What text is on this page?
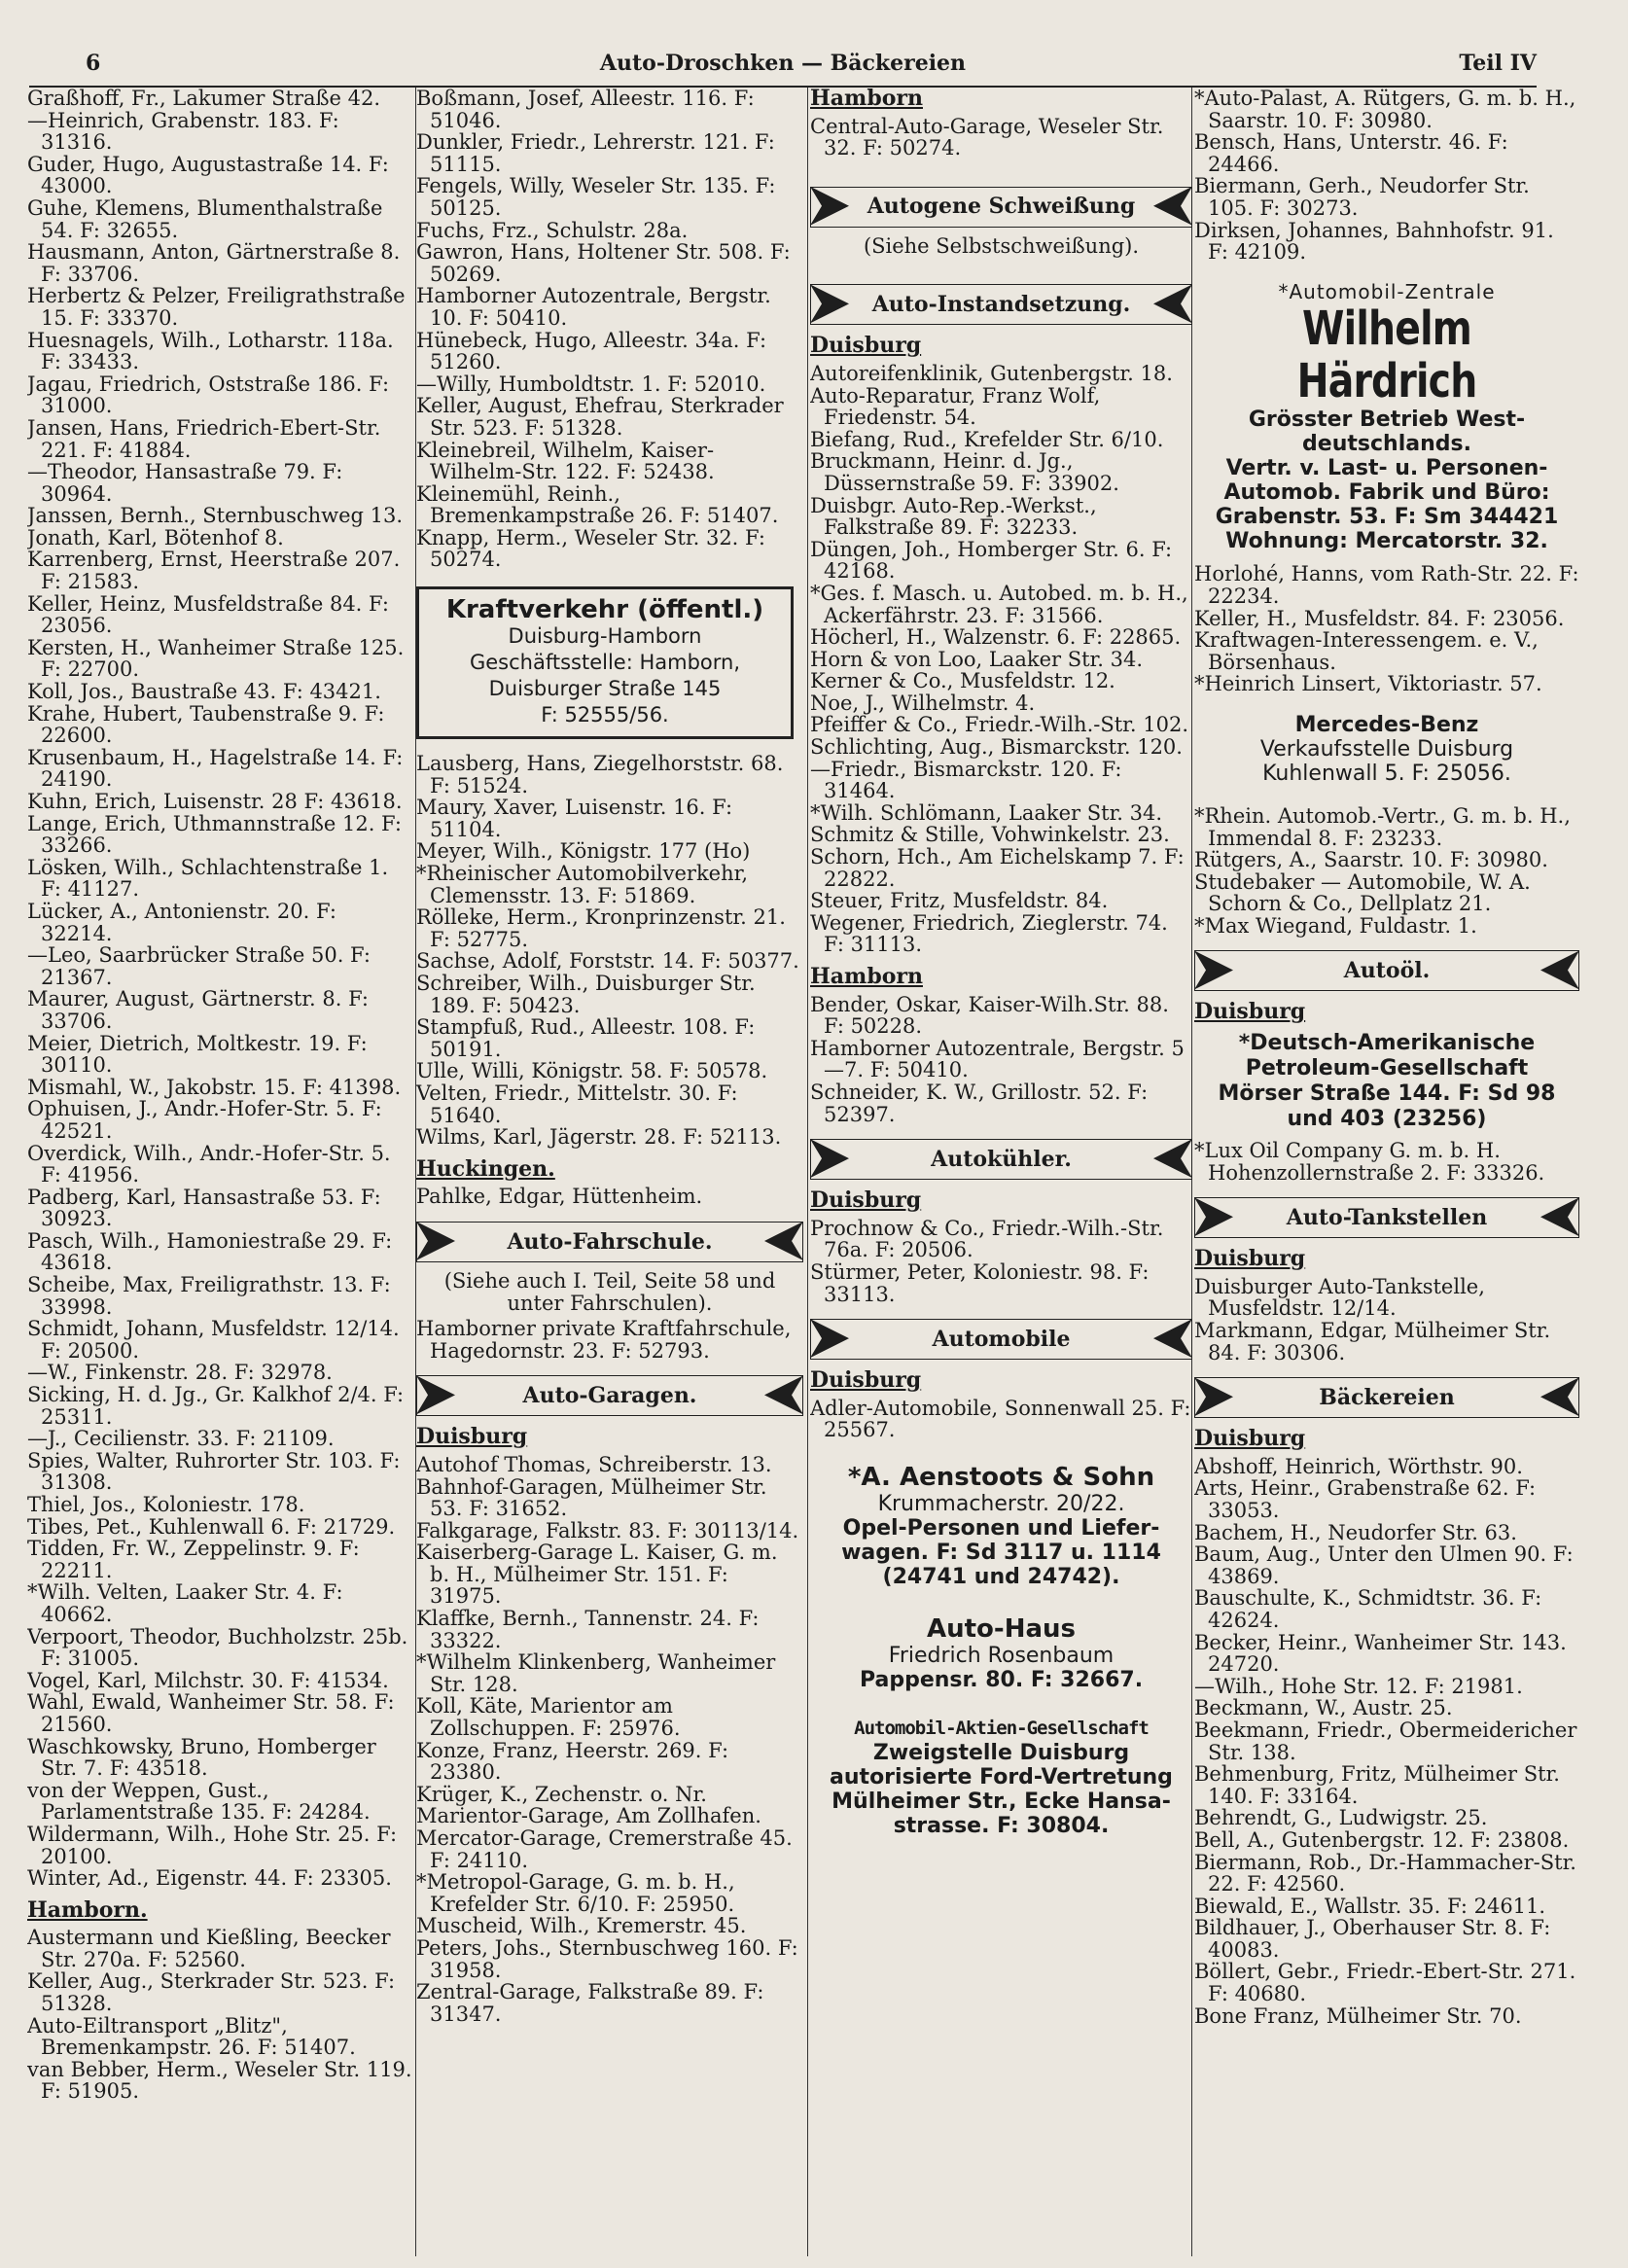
6	Auto-Droschken — Bäckereien	Teil IV

Graßhoff, Fr., Lakumer Straße 42.

—Heinrich, Grabenstr. 183. F: 31316.

Guder, Hugo, Augustastraße 14. F: 43000.

Guhe, Klemens, Blumenthalstraße 54. F: 32655.

Hausmann, Anton, Gärtnerstraße 8. F: 33706.

Herbertz & Pelzer, Freiligrathstraße 15. F: 33370.

Huesnagels, Wilh., Lotharstr. 118a. F: 33433.

Jagau, Friedrich, Oststraße 186. F: 31000.

Jansen, Hans, Friedrich-Ebert-Str. 221. F: 41884.

—Theodor, Hansastraße 79. F: 30964.

Janssen, Bernh., Sternbuschweg 13.

Jonath, Karl, Bötenhof 8.

Karrenberg, Ernst, Heerstraße 207. F: 21583.

Keller, Heinz, Musfeldstraße 84. F: 23056.

Kersten, H., Wanheimer Straße 125. F: 22700.

Koll, Jos., Baustraße 43. F: 43421.

Krahe, Hubert, Taubenstraße 9. F: 22600.

Krusenbaum, H., Hagelstraße 14. F: 24190.

Kuhn, Erich, Luisenstr. 28 F: 43618.

Lange, Erich, Uthmannstraße 12. F: 33266.

Lösken, Wilh., Schlachtenstraße 1. F: 41127.

Lücker, A., Antonienstr. 20. F: 32214.

—Leo, Saarbrücker Straße 50. F: 21367.

Maurer, August, Gärtnerstr. 8. F: 33706.

Meier, Dietrich, Moltkestr. 19. F: 30110.

Mismahl, W., Jakobstr. 15. F: 41398.

Ophuisen, J., Andr.-Hofer-Str. 5. F: 42521.

Overdick, Wilh., Andr.-Hofer-Str. 5. F: 41956.

Padberg, Karl, Hansastraße 53. F: 30923.

Pasch, Wilh., Hamoniestraße 29. F: 43618.

Scheibe, Max, Freiligrathstr. 13. F: 33998.

Schmidt, Johann, Musfeldstr. 12/14. F: 20500.

—W., Finkenstr. 28. F: 32978.

Sicking, H. d. Jg., Gr. Kalkhof 2/4. F: 25311.

—J., Cecilienstr. 33. F: 21109.

Spies, Walter, Ruhrorter Str. 103. F: 31308.

Thiel, Jos., Koloniestr. 178.

Tibes, Pet., Kuhlenwall 6. F: 21729.

Tidden, Fr. W., Zeppelinstr. 9. F: 22211.

*Wilh. Velten, Laaker Str. 4. F: 40662.

Verpoort, Theodor, Buchholzstr. 25b. F: 31005.

Vogel, Karl, Milchstr. 30. F: 41534.

Wahl, Ewald, Wanheimer Str. 58. F: 21560.

Waschkowsky, Bruno, Homberger Str. 7. F: 43518.

von der Weppen, Gust., Parlamentstraße 135. F: 24284.

Wildermann, Wilh., Hohe Str. 25. F: 20100.

Winter, Ad., Eigenstr. 44. F: 23305.

Hamborn.

Austermann und Kießling, Beecker Str. 270a. F: 52560.

Keller, Aug., Sterkrader Str. 523. F: 51328.

Auto-Eiltransport „Blitz", Bremenkampstr. 26. F: 51407.

van Bebber, Herm., Weseler Str. 119. F: 51905.

Boßmann, Josef, Alleestr. 116. F: 51046.

Dunkler, Friedr., Lehrerstr. 121. F: 51115.

Fengels, Willy, Weseler Str. 135. F: 50125.

Fuchs, Frz., Schulstr. 28a.

Gawron, Hans, Holtener Str. 508. F: 50269.

Hamborner Autozentrale, Bergstr. 10. F: 50410.

Hünebeck, Hugo, Alleestr. 34a. F: 51260.

—Willy, Humboldtstr. 1. F: 52010.

Keller, August, Ehefrau, Sterkrader Str. 523. F: 51328.

Kleinebreil, Wilhelm, Kaiser-Wilhelm-Str. 122. F: 52438.

Kleinemühl, Reinh., Bremenkampstraße 26. F: 51407.

Knapp, Herm., Weseler Str. 32. F: 50274.

Kraftverkehr (öffentl.)
Duisburg-Hamborn
Geschäftsstelle: Hamborn,
Duisburger Straße 145
F: 52555/56.

Lausberg, Hans, Ziegelhorststr. 68. F: 51524.

Maury, Xaver, Luisenstr. 16. F: 51104.

Meyer, Wilh., Königstr. 177 (Ho)

*Rheinischer Automobilverkehr, Clemensstr. 13. F: 51869.

Rölleke, Herm., Kronprinzenstr. 21. F: 52775.

Sachse, Adolf, Forststr. 14. F: 50377.

Schreiber, Wilh., Duisburger Str. 189. F: 50423.

Stampfuß, Rud., Alleestr. 108. F: 50191.

Ulle, Willi, Königstr. 58. F: 50578.

Velten, Friedr., Mittelstr. 30. F: 51640.

Wilms, Karl, Jägerstr. 28. F: 52113.

Huckingen.

Pahlke, Edgar, Hüttenheim.

Auto-Fahrschule.
(Siehe auch I. Teil, Seite 58 und unter Fahrschulen).

Hamborner private Kraftfahrschule, Hagedornstr. 23. F: 52793.

Auto-Garagen.
Duisburg

Autohof Thomas, Schreiberstr. 13.

Bahnhof-Garagen, Mülheimer Str. 53. F: 31652.

Falkgarage, Falkstr. 83. F: 30113/14.

Kaiserberg-Garage L. Kaiser, G. m. b. H., Mülheimer Str. 151. F: 31975.

Klaffke, Bernh., Tannenstr. 24. F: 33322.

*Wilhelm Klinkenberg, Wanheimer Str. 128.

Koll, Käte, Marientor am Zollschuppen. F: 25976.

Konze, Franz, Heerstr. 269. F: 23380.

Krüger, K., Zechenstr. o. Nr.

Marientor-Garage, Am Zollhafen.

Mercator-Garage, Cremerstraße 45. F: 24110.

*Metropol-Garage, G. m. b. H., Krefelder Str. 6/10. F: 25950.

Muscheid, Wilh., Kremerstr. 45.

Peters, Johs., Sternbuschweg 160. F: 31958.

Zentral-Garage, Falkstraße 89. F: 31347.

Hamborn

Central-Auto-Garage, Weseler Str. 32. F: 50274.

Autogene Schweißung
(Siehe Selbstschweißung).
Auto-Instandsetzung.
Duisburg

Autoreifenklinik, Gutenbergstr. 18.

Auto-Reparatur, Franz Wolf, Friedenstr. 54.

Biefang, Rud., Krefelder Str. 6/10.

Bruckmann, Heinr. d. Jg., Düssernstraße 59. F: 33902.

Duisbgr. Auto-Rep.-Werkst., Falkstraße 89. F: 32233.

Düngen, Joh., Homberger Str. 6. F: 42168.

*Ges. f. Masch. u. Autobed. m. b. H., Ackerfährstr. 23. F: 31566.

Höcherl, H., Walzenstr. 6. F: 22865.

Horn & von Loo, Laaker Str. 34.

Kerner & Co., Musfeldstr. 12.

Noe, J., Wilhelmstr. 4.

Pfeiffer & Co., Friedr.-Wilh.-Str. 102.

Schlichting, Aug., Bismarckstr. 120.

—Friedr., Bismarckstr. 120. F: 31464.

*Wilh. Schlömann, Laaker Str. 34.

Schmitz & Stille, Vohwinkelstr. 23.

Schorn, Hch., Am Eichelskamp 7. F: 22822.

Steuer, Fritz, Musfeldstr. 84.

Wegener, Friedrich, Zieglerstr. 74. F: 31113.

Hamborn

Bender, Oskar, Kaiser-Wilh.Str. 88. F: 50228.

Hamborner Autozentrale, Bergstr. 5—7. F: 50410.

Schneider, K. W., Grillostr. 52. F: 52397.

Autokühler.
Duisburg

Prochnow & Co., Friedr.-Wilh.-Str. 76a. F: 20506.

Stürmer, Peter, Koloniestr. 98. F: 33113.

Automobile
Duisburg

Adler-Automobile, Sonnenwall 25. F: 25567.

*A. Aenstoots & Sohn
Krummacherstr. 20/22.
Opel-Personen und Liefer-
wagen. F: Sd 3117 u. 1114
(24741 und 24742).
Auto-Haus
Friedrich Rosenbaum
Pappensr. 80. F: 32667.
Automobil-Aktien-Gesellschaft
Zweigstelle Duisburg
autorisierte Ford-Vertretung
Mülheimer Str., Ecke Hansa-
strasse. F: 30804.

*Auto-Palast, A. Rütgers, G. m. b. H., Saarstr. 10. F: 30980.

Bensch, Hans, Unterstr. 46. F: 24466.

Biermann, Gerh., Neudorfer Str. 105. F: 30273.

Dirksen, Johannes, Bahnhofstr. 91. F: 42109.

*Automobil-Zentrale
Wilhelm Härdrich
Grösster Betrieb West-
deutschlands.
Vertr. v. Last- u. Personen-
Automob. Fabrik und Büro:
Grabenstr. 53. F: Sm 344421
Wohnung: Mercatorstr. 32.

Horlohé, Hanns, vom Rath-Str. 22. F: 22234.

Keller, H., Musfeldstr. 84. F: 23056.

Kraftwagen-Interessengem. e. V., Börsenhaus.

*Heinrich Linsert, Viktoriastr. 57.

Mercedes-Benz
Verkaufsstelle Duisburg
Kuhlenwall 5. F: 25056.

*Rhein. Automob.-Vertr., G. m. b. H., Immendal 8. F: 23233.

Rütgers, A., Saarstr. 10. F: 30980.

Studebaker — Automobile, W. A. Schorn & Co., Dellplatz 21.

*Max Wiegand, Fuldastr. 1.

Autoöl.
Duisburg
*Deutsch-Amerikanische
Petroleum-Gesellschaft
Mörser Straße 144. F: Sd 98
und 403 (23256)

*Lux Oil Company G. m. b. H. Hohenzollernstraße 2. F: 33326.

Auto-Tankstellen
Duisburg

Duisburger Auto-Tankstelle, Musfeldstr. 12/14.

Markmann, Edgar, Mülheimer Str. 84. F: 30306.

Bäckereien
Duisburg

Abshoff, Heinrich, Wörthstr. 90.

Arts, Heinr., Grabenstraße 62. F: 33053.

Bachem, H., Neudorfer Str. 63.

Baum, Aug., Unter den Ulmen 90. F: 43869.

Bauschulte, K., Schmidtstr. 36. F: 42624.

Becker, Heinr., Wanheimer Str. 143. 24720.

—Wilh., Hohe Str. 12. F: 21981.

Beckmann, W., Austr. 25.

Beekmann, Friedr., Obermeidericher Str. 138.

Behmenburg, Fritz, Mülheimer Str. 140. F: 33164.

Behrendt, G., Ludwigstr. 25.

Bell, A., Gutenbergstr. 12. F: 23808.

Biermann, Rob., Dr.-Hammacher-Str. 22. F: 42560.

Biewald, E., Wallstr. 35. F: 24611.

Bildhauer, J., Oberhauser Str. 8. F: 40083.

Böllert, Gebr., Friedr.-Ebert-Str. 271. F: 40680.

Bone Franz, Mülheimer Str. 70.
